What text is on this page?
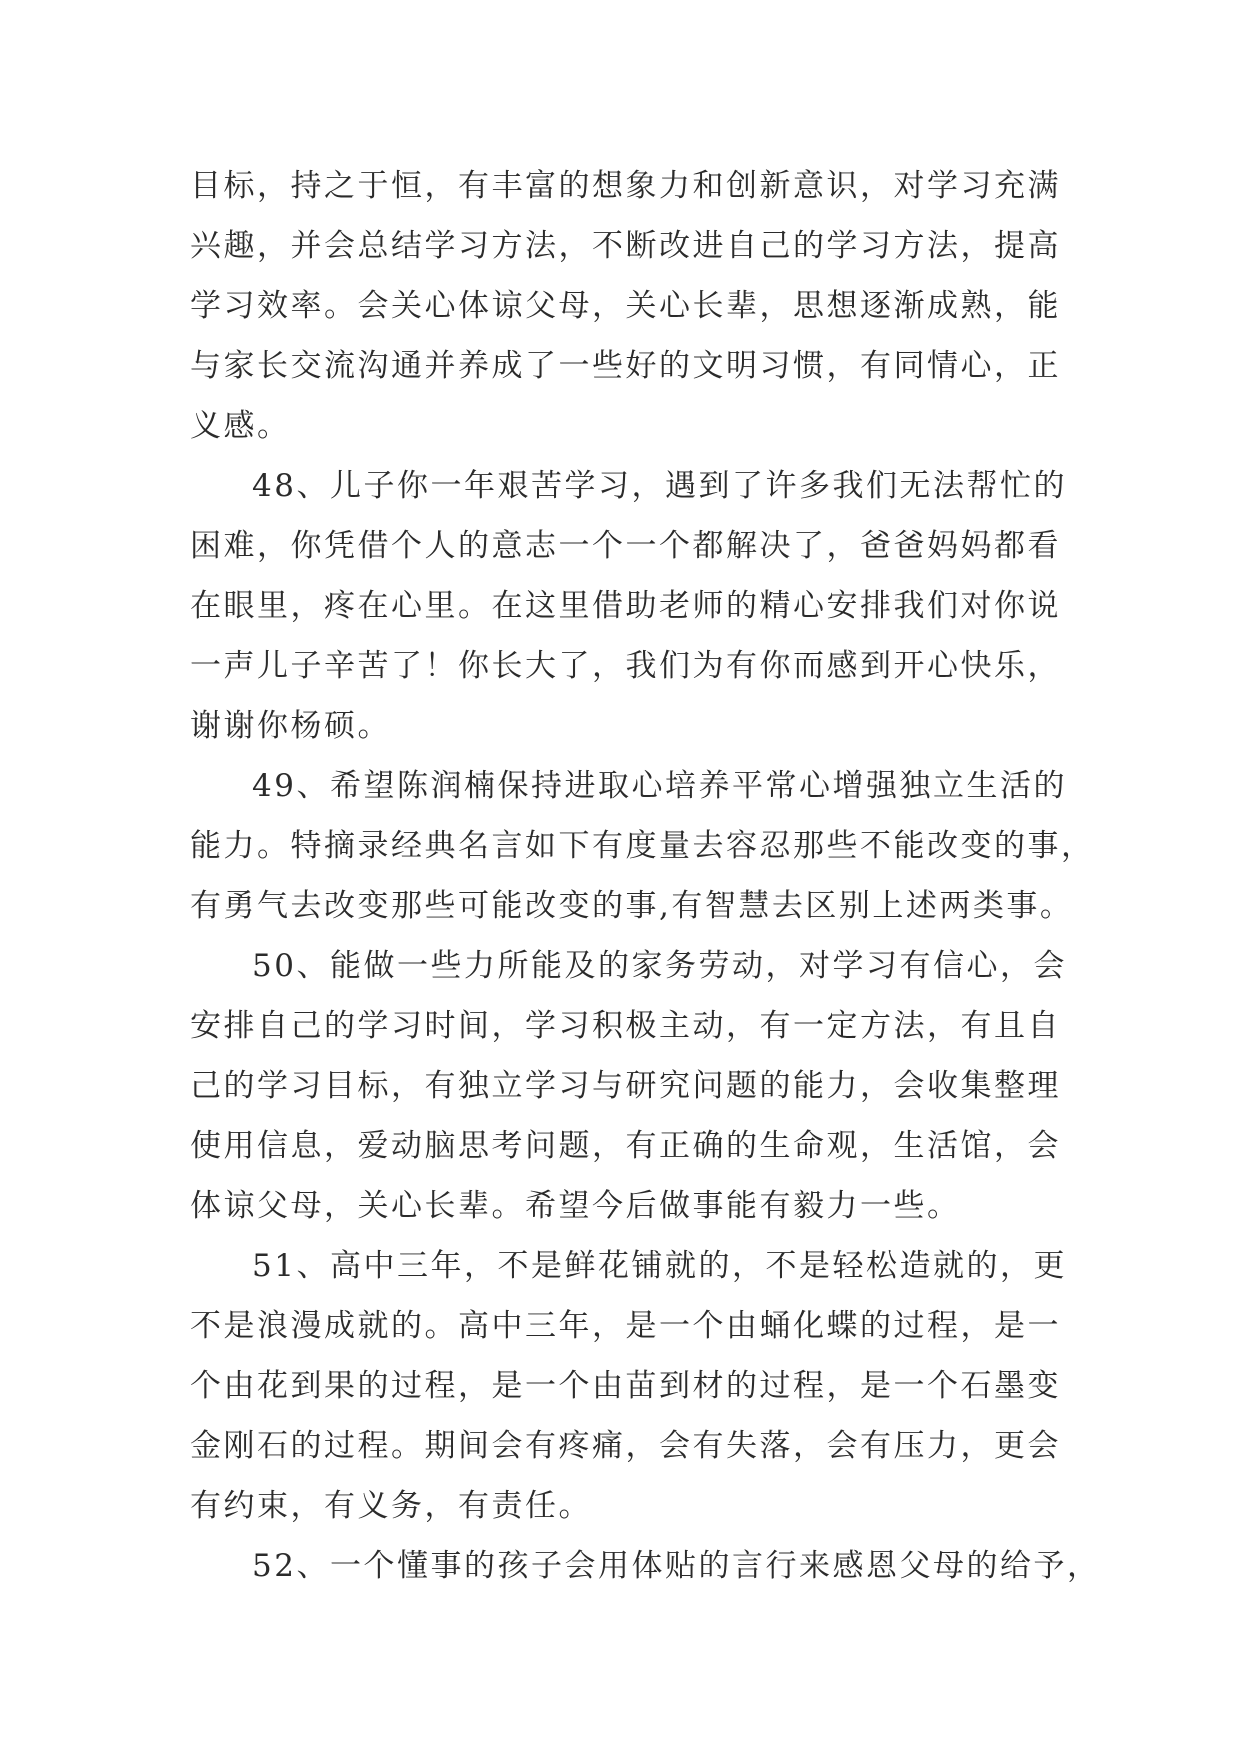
目标，持之于恒，有丰富的想象力和创新意识，对学习充满
兴趣，并会总结学习方法，不断改进自己的学习方法，提高
学习效率。会关心体谅父母，关心长辈，思想逐渐成熟，能
与家长交流沟通并养成了一些好的文明习惯，有同情心，正
义感。
48、儿子你一年艰苦学习，遇到了许多我们无法帮忙的
困难，你凭借个人的意志一个一个都解决了，爸爸妈妈都看
在眼里，疼在心里。在这里借助老师的精心安排我们对你说
一声儿子辛苦了！你长大了，我们为有你而感到开心快乐，
谢谢你杨硕。
49、希望陈润楠保持进取心培养平常心增强独立生活的
能力。特摘录经典名言如下有度量去容忍那些不能改变的事，
有勇气去改变那些可能改变的事,有智慧去区别上述两类事。
50、能做一些力所能及的家务劳动，对学习有信心，会
安排自己的学习时间，学习积极主动，有一定方法，有且自
己的学习目标，有独立学习与研究问题的能力，会收集整理
使用信息，爱动脑思考问题，有正确的生命观，生活馆，会
体谅父母，关心长辈。希望今后做事能有毅力一些。
51、高中三年，不是鲜花铺就的，不是轻松造就的，更
不是浪漫成就的。高中三年，是一个由蛹化蝶的过程，是一
个由花到果的过程，是一个由苗到材的过程，是一个石墨变
金刚石的过程。期间会有疼痛，会有失落，会有压力，更会
有约束，有义务，有责任。
52、一个懂事的孩子会用体贴的言行来感恩父母的给予，
